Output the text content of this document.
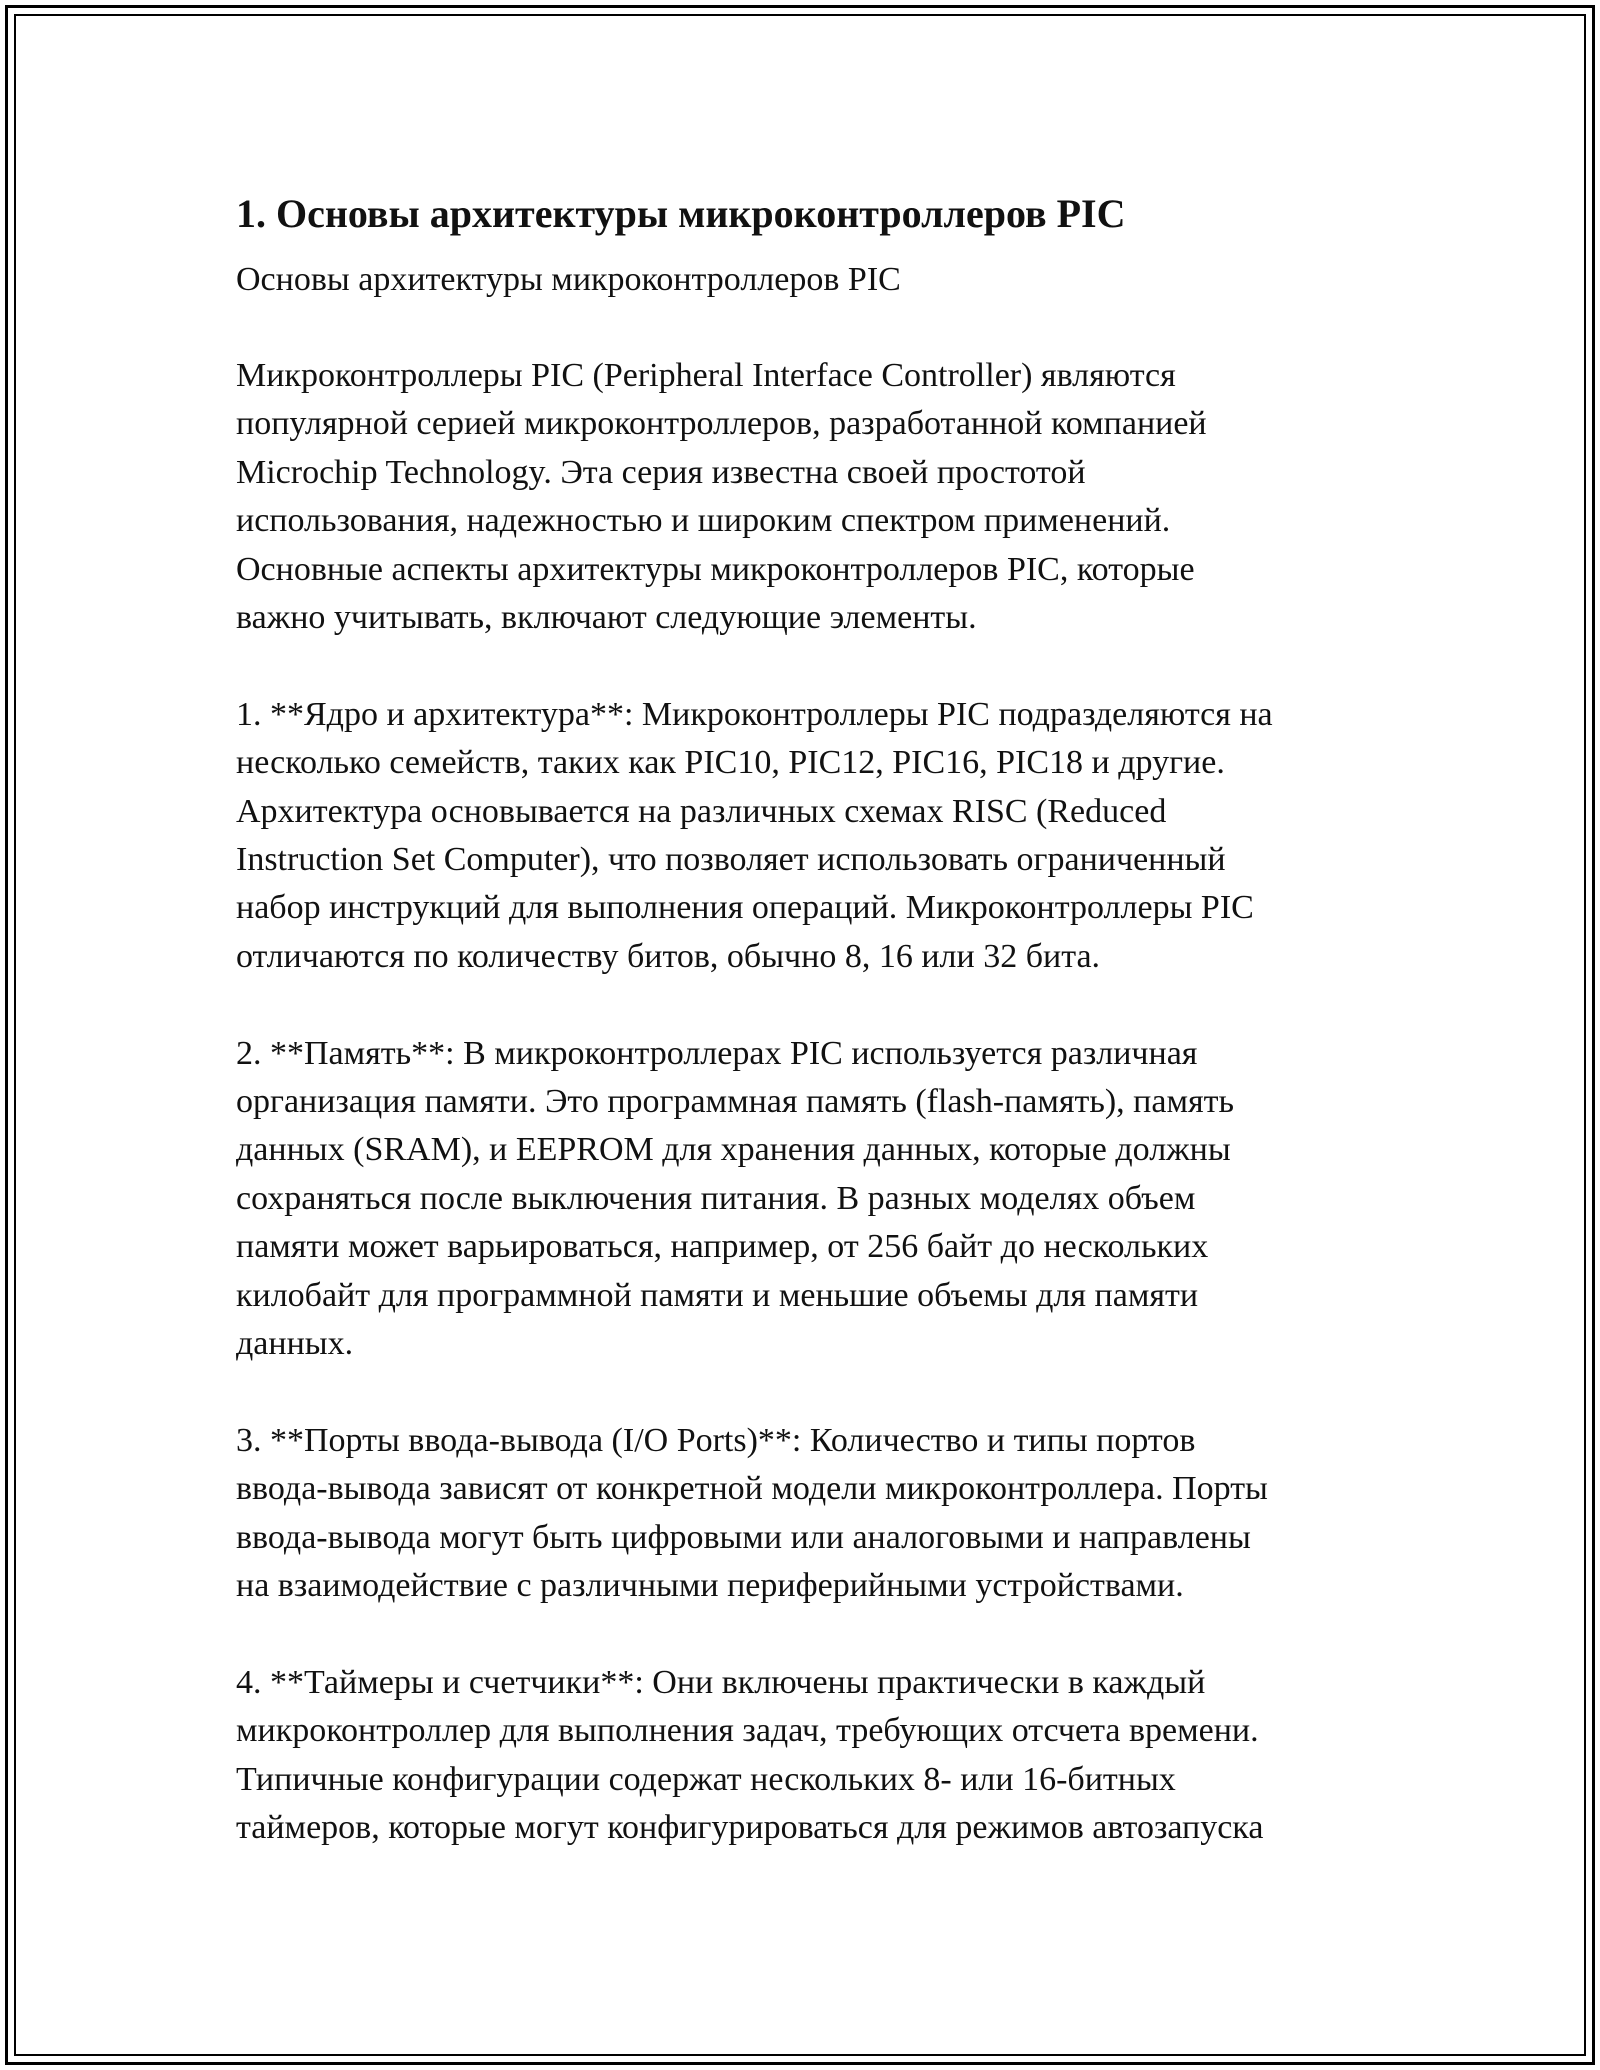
1. Основы архитектуры микроконтроллеров PIC
Основы архитектуры микроконтроллеров PIC
Микроконтроллеры PIC (Peripheral Interface Controller) являются
популярной серией микроконтроллеров, разработанной компанией
Microchip Technology. Эта серия известна своей простотой
использования, надежностью и широким спектром применений.
Основные аспекты архитектуры микроконтроллеров PIC, которые
важно учитывать, включают следующие элементы.
1. **Ядро и архитектура**: Микроконтроллеры PIC подразделяются на
несколько семейств, таких как PIC10, PIC12, PIC16, PIC18 и другие.
Архитектура основывается на различных схемах RISC (Reduced
Instruction Set Computer), что позволяет использовать ограниченный
набор инструкций для выполнения операций. Микроконтроллеры PIC
отличаются по количеству битов, обычно 8, 16 или 32 бита.
2. **Память**: В микроконтроллерах PIC используется различная
организация памяти. Это программная память (flash-память), память
данных (SRAM), и EEPROM для хранения данных, которые должны
сохраняться после выключения питания. В разных моделях объем
памяти может варьироваться, например, от 256 байт до нескольких
килобайт для программной памяти и меньшие объемы для памяти
данных.
3. **Порты ввода-вывода (I/O Ports)**: Количество и типы портов
ввода-вывода зависят от конкретной модели микроконтроллера. Порты
ввода-вывода могут быть цифровыми или аналоговыми и направлены
на взаимодействие с различными периферийными устройствами.
4. **Таймеры и счетчики**: Они включены практически в каждый
микроконтроллер для выполнения задач, требующих отсчета времени.
Типичные конфигурации содержат нескольких 8- или 16-битных
таймеров, которые могут конфигурироваться для режимов автозапуска
